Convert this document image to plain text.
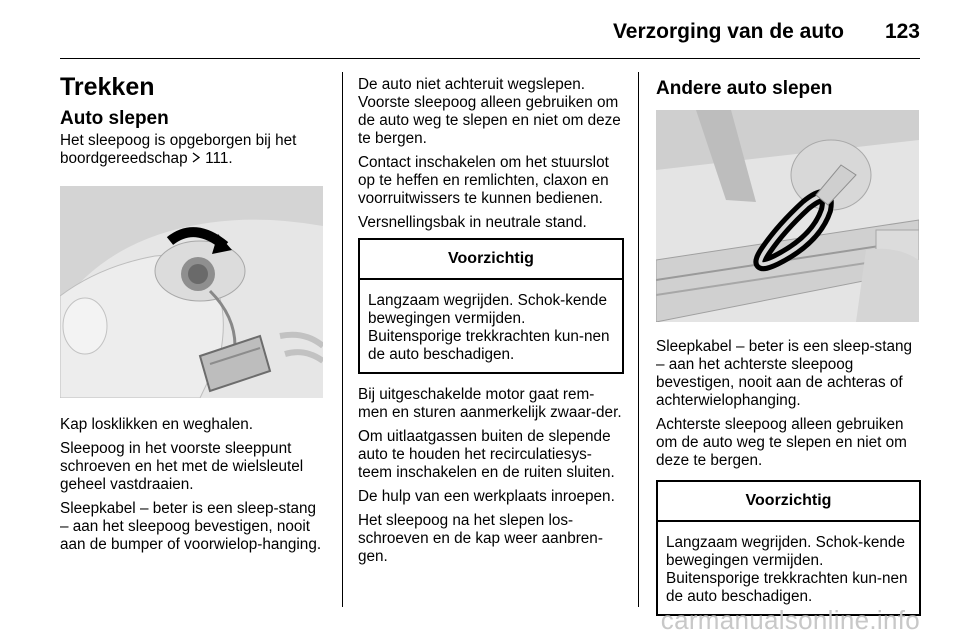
Verzorging van de auto 123
Trekken
Auto slepen

Het sleepoog is opgeborgen bij het boordgereedschap 111.

Kap losklikken en weghalen.

Sleepoog in het voorste sleeppunt schroeven en het met de wielsleutel geheel vastdraaien.

Sleepkabel – beter is een sleep-stang – aan het sleepoog bevestigen, nooit aan de bumper of voorwielop-hanging.

De auto niet achteruit wegslepen. Voorste sleepoog alleen gebruiken om de auto weg te slepen en niet om deze te bergen.

Contact inschakelen om het stuurslot op te heffen en remlichten, claxon en voorruitwissers te kunnen bedienen.

Versnellingsbak in neutrale stand.

Voorzichtig
Langzaam wegrijden. Schok-kende bewegingen vermijden. Buitensporige trekkrachten kun-nen de auto beschadigen.

Bij uitgeschakelde motor gaat rem-men en sturen aanmerkelijk zwaar-der.

Om uitlaatgassen buiten de slepende auto te houden het recirculatiesys-teem inschakelen en de ruiten sluiten.

De hulp van een werkplaats inroepen.

Het sleepoog na het slepen los-schroeven en de kap weer aanbren-gen.

Andere auto slepen

Sleepkabel – beter is een sleep-stang – aan het achterste sleepoog bevestigen, nooit aan de achteras of achterwielophanging.

Achterste sleepoog alleen gebruiken om de auto weg te slepen en niet om deze te bergen.

Voorzichtig
Langzaam wegrijden. Schok-kende bewegingen vermijden. Buitensporige trekkrachten kun-nen de auto beschadigen.
carmanualsonline.info
